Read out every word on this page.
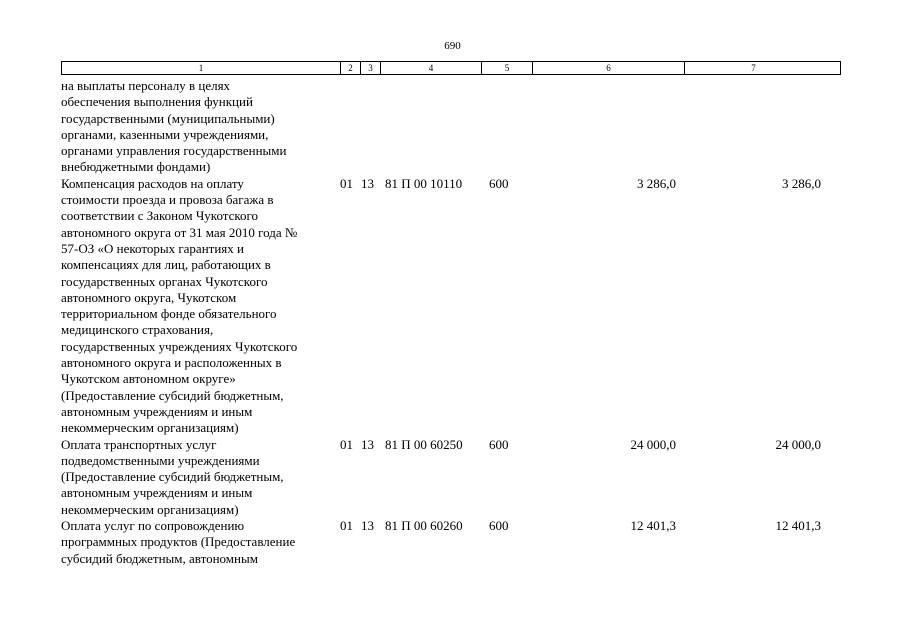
690
1	2	3	4	5	6	7
на выплаты персоналу в целях
обеспечения выполнения функций
государственными (муниципальными)
органами, казенными учреждениями,
органами управления государственными
внебюджетными фондами)
Компенсация расходов на оплату
стоимости проезда и провоза багажа в
соответствии с Законом Чукотского
автономного округа от 31 мая 2010 года №
57-ОЗ «О некоторых гарантиях и
компенсациях для лиц, работающих в
государственных органах Чукотского
автономного округа, Чукотском
территориальном фонде обязательного
медицинского страхования,
государственных учреждениях Чукотского
автономного округа и расположенных в
Чукотском автономном округе»
(Предоставление субсидий бюджетным,
автономным учреждениям и иным
некоммерческим организациям)
01 13 81 П 00 10110	600	3 286,0	3 286,0
Оплата транспортных услуг
подведомственными учреждениями
(Предоставление субсидий бюджетным,
автономным учреждениям и иным
некоммерческим организациям)
01 13 81 П 00 60250	600	24 000,0	24 000,0
Оплата услуг по сопровождению
программных продуктов (Предоставление
субсидий бюджетным, автономным
01 13 81 П 00 60260	600	12 401,3	12 401,3
